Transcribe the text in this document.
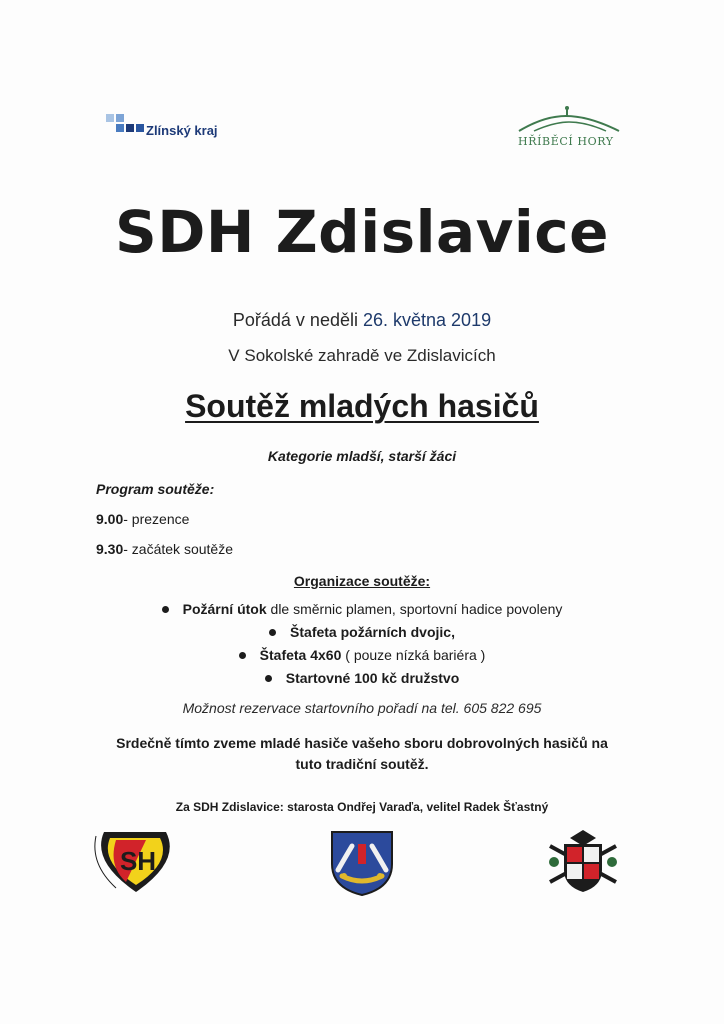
Zlínský kraj
HŘÍBĚCÍ HORY
SDH Zdislavice
Pořádá v neděli 26. května 2019
V Sokolské zahradě ve Zdislavicích
Soutěž mladých hasičů
Kategorie mladší, starší žáci
Program soutěže:
9.00- prezence
9.30- začátek soutěže
Organizace soutěže:
Požární útok dle směrnic plamen, sportovní hadice povoleny
Štafeta požárních dvojic,
Štafeta 4x60 ( pouze nízká bariéra )
Startovné 100 kč družstvo
Možnost rezervace startovního pořadí na tel. 605 822 695
Srdečně tímto zveme mladé hasiče vašeho sboru dobrovolných hasičů na
tuto tradiční soutěž.
Za SDH Zdislavice: starosta Ondřej Varaďa, velitel Radek Šťastný
SH
